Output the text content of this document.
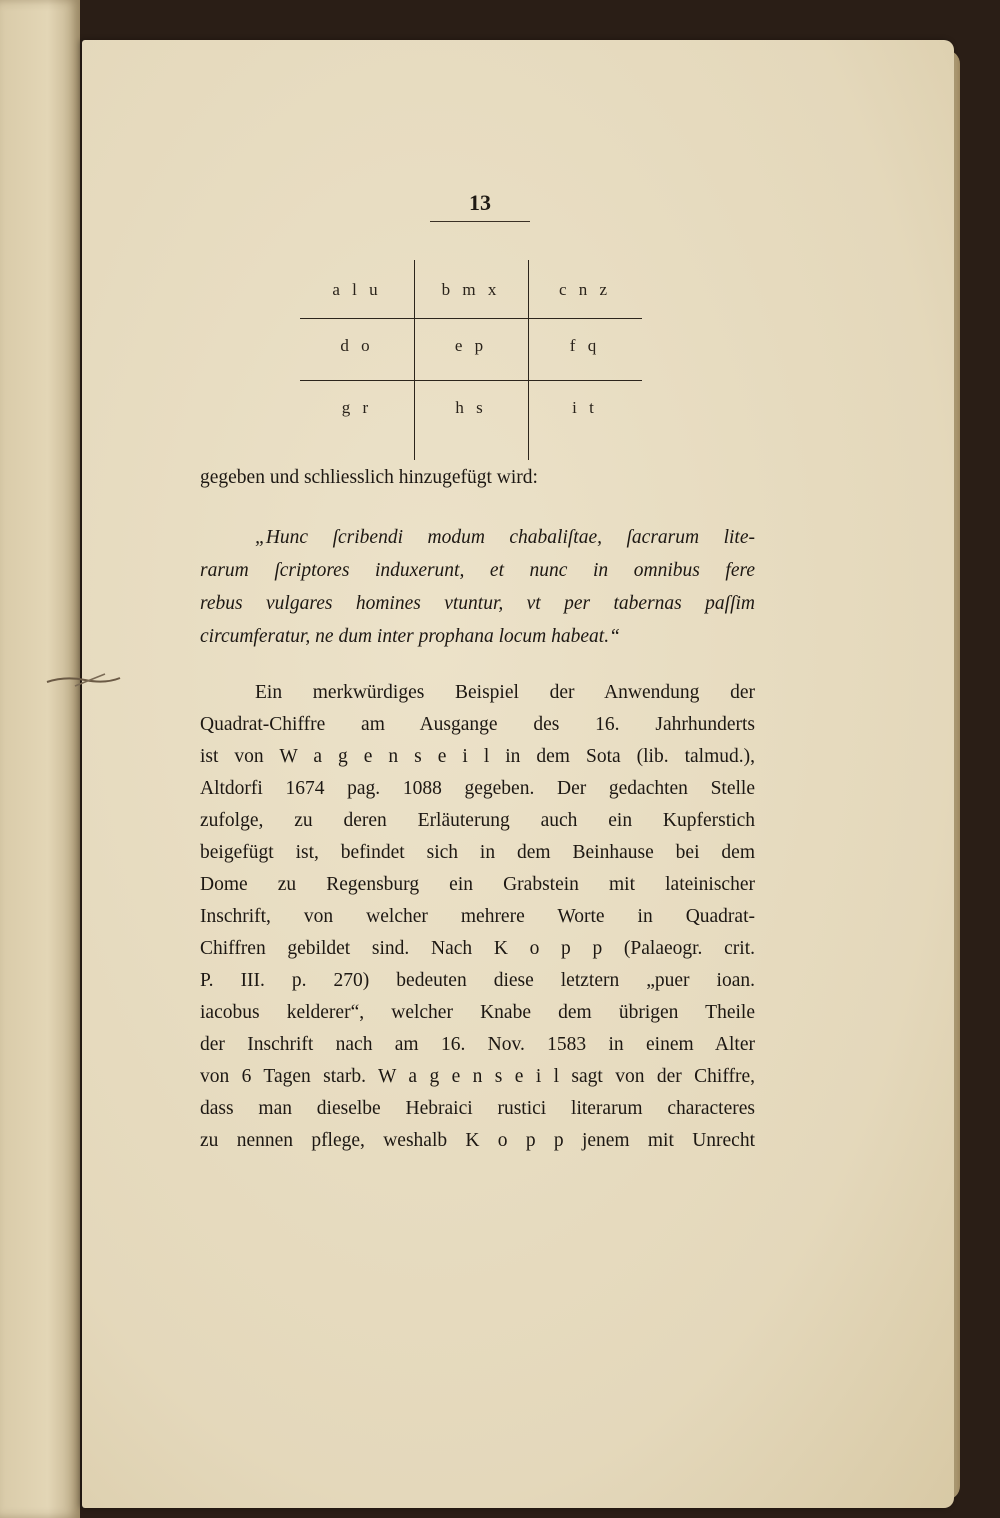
13
a l u	b m x	c n z
d o	e p	f q
g r	h s	i t
gegeben und schliesslich hinzugefügt wird:
„Hunc ſcribendi modum chabaliſtae, ſacrarum lite-
rarum ſcriptores induxerunt, et nunc in omnibus fere
rebus vulgares homines vtuntur, vt per tabernas paſſim
circumferatur, ne dum inter prophana locum habeat.“
Ein merkwürdiges Beispiel der Anwendung der
Quadrat-Chiffre am Ausgange des 16. Jahrhunderts
ist von W a g e n s e i l in dem Sota (lib. talmud.),
Altdorfi 1674 pag. 1088 gegeben. Der gedachten Stelle
zufolge, zu deren Erläuterung auch ein Kupferstich
beigefügt ist, befindet sich in dem Beinhause bei dem
Dome zu Regensburg ein Grabstein mit lateinischer
Inschrift, von welcher mehrere Worte in Quadrat-
Chiffren gebildet sind. Nach K o p p (Palaeogr. crit.
P. III. p. 270) bedeuten diese letztern „puer ioan.
iacobus kelderer“, welcher Knabe dem übrigen Theile
der Inschrift nach am 16. Nov. 1583 in einem Alter
von 6 Tagen starb. W a g e n s e i l sagt von der Chiffre,
dass man dieselbe Hebraici rustici literarum characteres
zu nennen pflege, weshalb K o p p jenem mit Unrecht
